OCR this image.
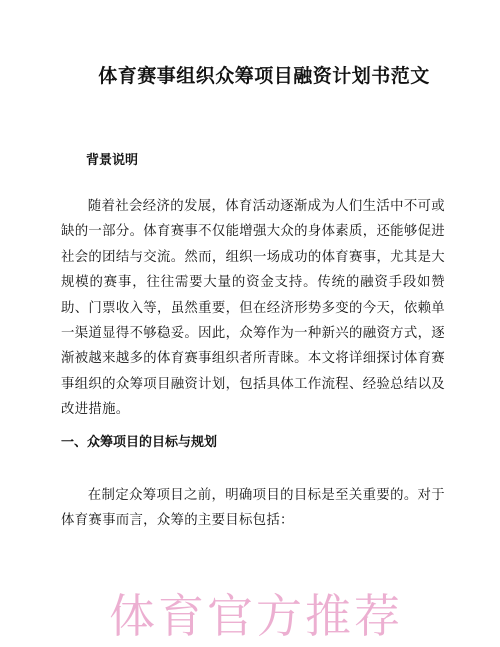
体育赛事组织众筹项目融资计划书范文
背景说明

随着社会经济的发展，体育活动逐渐成为人们生活中不可或缺的一部分。体育赛事不仅能增强大众的身体素质，还能够促进社会的团结与交流。然而，组织一场成功的体育赛事，尤其是大规模的赛事，往往需要大量的资金支持。传统的融资手段如赞助、门票收入等，虽然重要，但在经济形势多变的今天，依赖单一渠道显得不够稳妥。因此，众筹作为一种新兴的融资方式，逐渐被越来越多的体育赛事组织者所青睐。本文将详细探讨体育赛事组织的众筹项目融资计划，包括具体工作流程、经验总结以及改进措施。

一、众筹项目的目标与规划

在制定众筹项目之前，明确项目的目标是至关重要的。对于体育赛事而言，众筹的主要目标包括：

体育官方推荐
